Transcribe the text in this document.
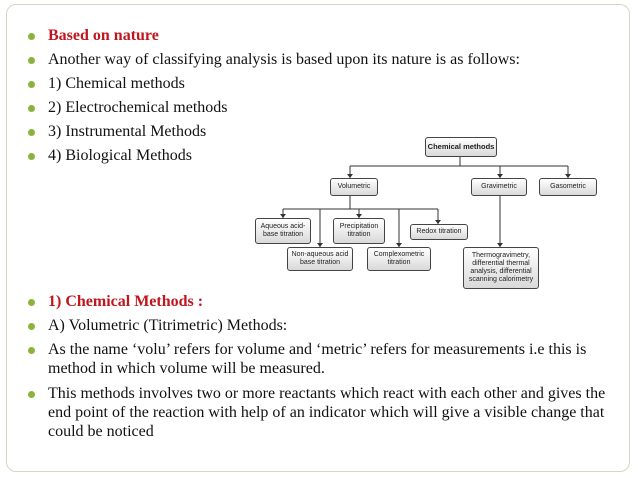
Based on nature
Another way of classifying analysis is based upon its nature is as follows:
1) Chemical methods
2) Electrochemical methods
3) Instrumental Methods
4) Biological Methods
Chemical methods
Volumetric	Gravimetric	Gasometric
Aqueous acid-base titration
Precipitation titration	Redox titration
Non-aqueous acid base titration
Complexometric titration
Thermogravimetry, differential thermal analysis, differential scanning calorimetry
1) Chemical Methods :
A) Volumetric (Titrimetric) Methods:
As the name ‘volu’ refers for volume and ‘metric’ refers for measurements i.e this is method in which volume will be measured.
This methods involves two or more reactants which react with each other and gives the end point of the reaction with help of an indicator which will give a visible change that could be noticed
